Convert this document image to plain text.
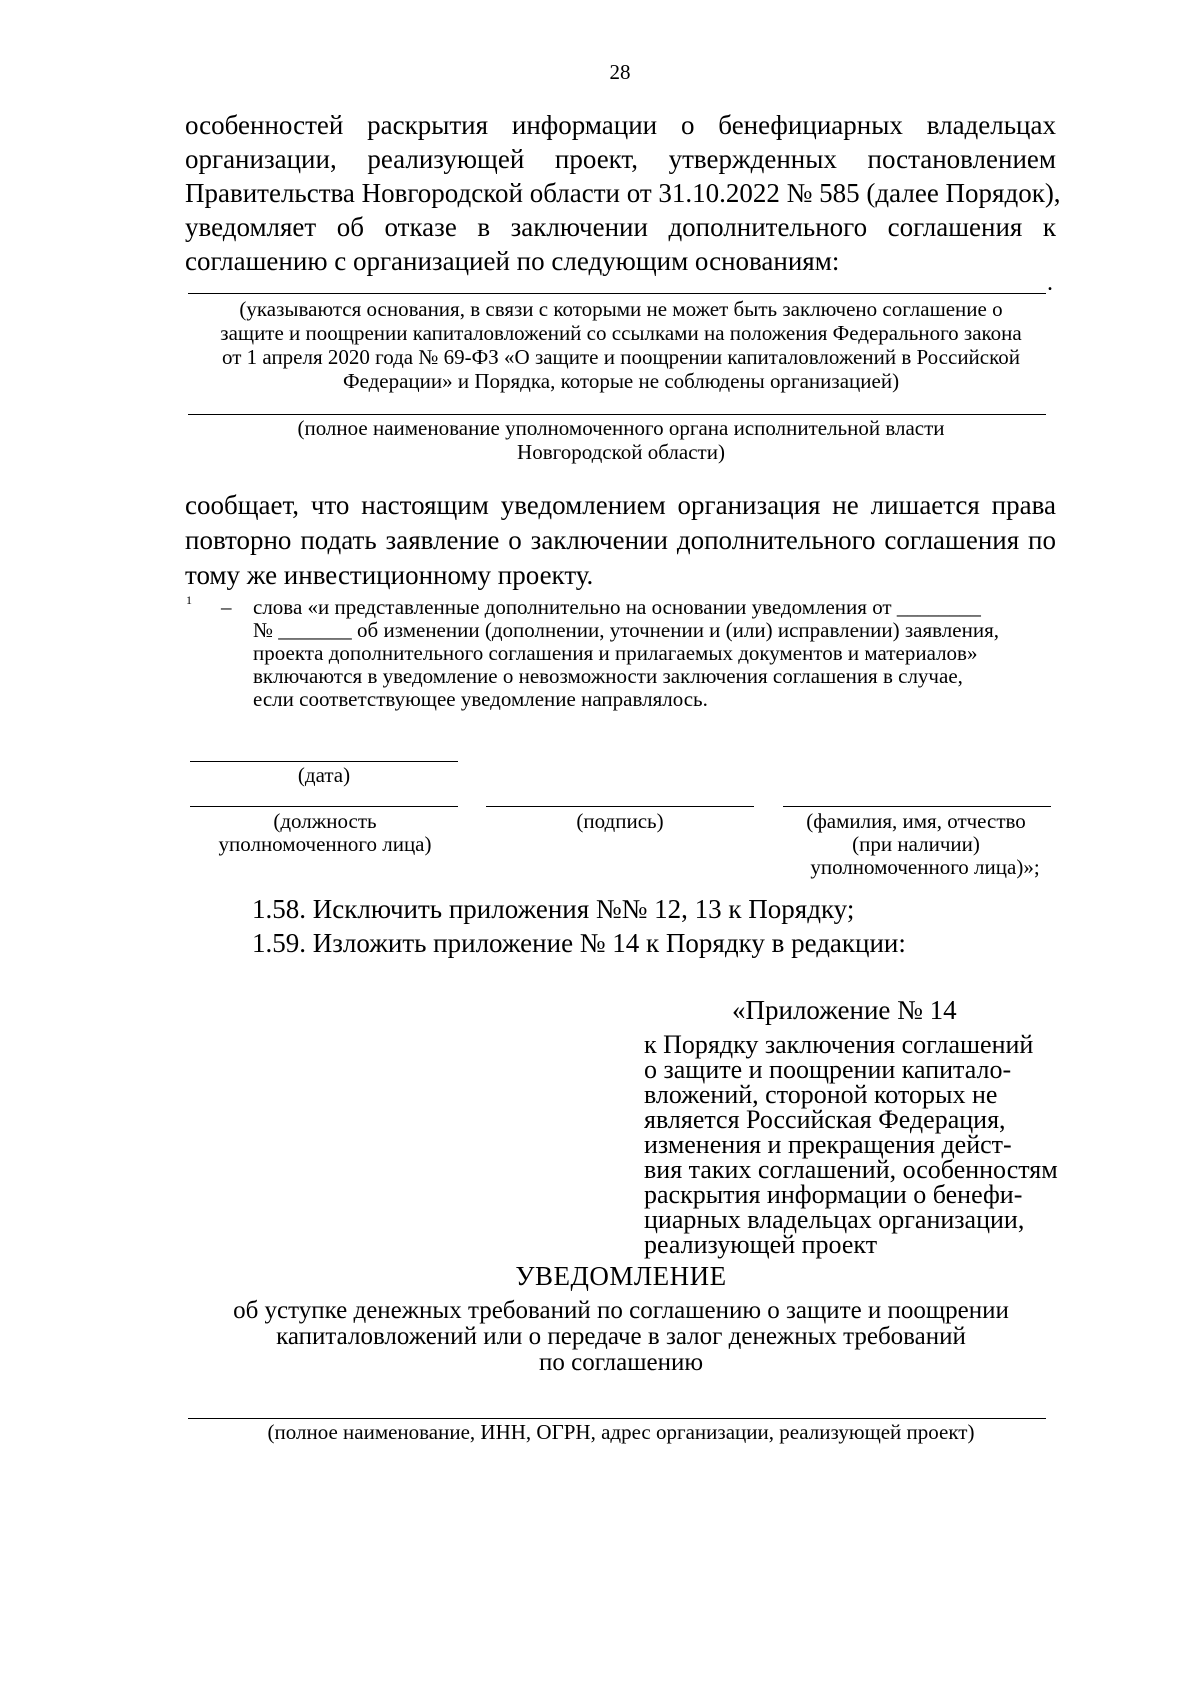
28
особенностей раскрытия информации о бенефициарных владельцах
организации, реализующей проект, утвержденных постановлением
Правительства Новгородской области от 31.10.2022 № 585 (далее Порядок),
уведомляет об отказе в заключении дополнительного соглашения к
соглашению с организацией по следующим основаниям:
.
(указываются основания, в связи с которыми не может быть заключено соглашение о
защите и поощрении капиталовложений со ссылками на положения Федерального закона
от 1 апреля 2020 года № 69-ФЗ «О защите и поощрении капиталовложений в Российской
Федерации» и Порядка, которые не соблюдены организацией)
(полное наименование уполномоченного органа исполнительной власти
Новгородской области)
сообщает, что настоящим уведомлением организация не лишается права
повторно подать заявление о заключении дополнительного соглашения по
тому же инвестиционному проекту.
1 – слова «и представленные дополнительно на основании уведомления от ________
№ _______ об изменении (дополнении, уточнении и (или) исправлении) заявления,
проекта дополнительного соглашения и прилагаемых документов и материалов»
включаются в уведомление о невозможности заключения соглашения в случае,
если соответствующее уведомление направлялось.
(дата)
(должность
уполномоченного лица)
(подпись)	(фамилия, имя, отчество
(при наличии)
уполномоченного лица)»;
1.58. Исключить приложения №№ 12, 13 к Порядку;
1.59. Изложить приложение № 14 к Порядку в редакции:
«Приложение № 14
к Порядку заключения соглашений
о защите и поощрении капитало-
вложений, стороной которых не
является Российская Федерация,
изменения и прекращения дейст-
вия таких соглашений, особенностям
раскрытия информации о бенефи-
циарных владельцах организации,
реализующей проект
УВЕДОМЛЕНИЕ
об уступке денежных требований по соглашению о защите и поощрении
капиталовложений или о передаче в залог денежных требований
по соглашению
(полное наименование, ИНН, ОГРН, адрес организации, реализующей проект)
